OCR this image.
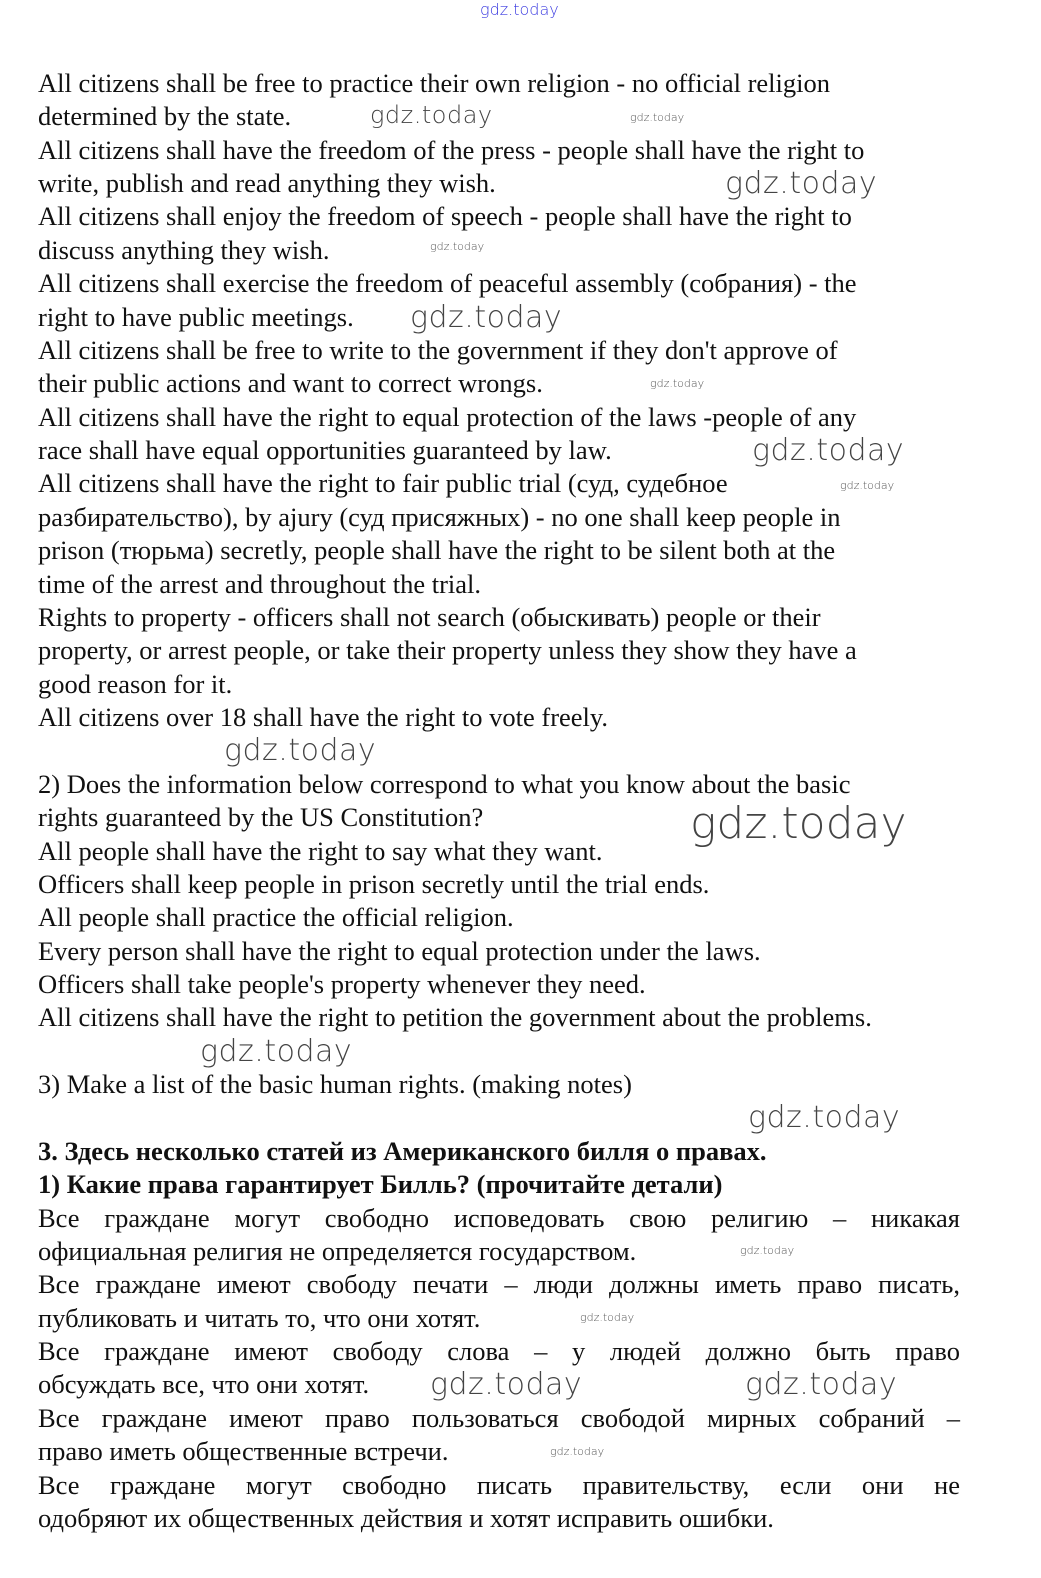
All citizens shall be free to practice their own religion - no official religion
determined by the state.
All citizens shall have the freedom of the press - people shall have the right to
write, publish and read anything they wish.
All citizens shall enjoy the freedom of speech - people shall have the right to
discuss anything they wish.
All citizens shall exercise the freedom of peaceful assembly (собрания) - the
right to have public meetings.
All citizens shall be free to write to the government if they don't approve of
their public actions and want to correct wrongs.
All citizens shall have the right to equal protection of the laws -people of any
race shall have equal opportunities guaranteed by law.
All citizens shall have the right to fair public trial (суд, судебное
разбирательство), by ajury (суд присяжных) - no one shall keep people in
prison (тюрьма) secretly, people shall have the right to be silent both at the
time of the arrest and throughout the trial.
Rights to property - officers shall not search (обыскивать) people or their
property, or arrest people, or take their property unless they show they have a
good reason for it.
All citizens over 18 shall have the right to vote freely.
2) Does the information below correspond to what you know about the basic
rights guaranteed by the US Constitution?
All people shall have the right to say what they want.
Officers shall keep people in prison secretly until the trial ends.
All people shall practice the official religion.
Every person shall have the right to equal protection under the laws.
Officers shall take people's property whenever they need.
All citizens shall have the right to petition the government about the problems.
3) Make a list of the basic human rights. (making notes)
3. Здесь несколько статей из Американского билля о правах.
1) Какие права гарантирует Билль? (прочитайте детали)
Все граждане могут свободно исповедовать свою религию – никакая
официальная религия не определяется государством.
Все граждане имеют свободу печати – люди должны иметь право писать,
публиковать и читать то, что они хотят.
Все граждане имеют свободу слова – у людей должно быть право
обсуждать все, что они хотят.
Все граждане имеют право пользоваться свободой мирных собраний –
право иметь общественные встречи.
Все граждане могут свободно писать правительству, если они не
одобряют их общественных действия и хотят исправить ошибки.
gdz.today
gdz.today	gdz.today
gdz.today
gdz.today
gdz.today
gdz.today
gdz.today
gdz.today
gdz.today
gdz.today
gdz.today
gdz.today
gdz.today
gdz.today
gdz.today	gdz.today
gdz.today
